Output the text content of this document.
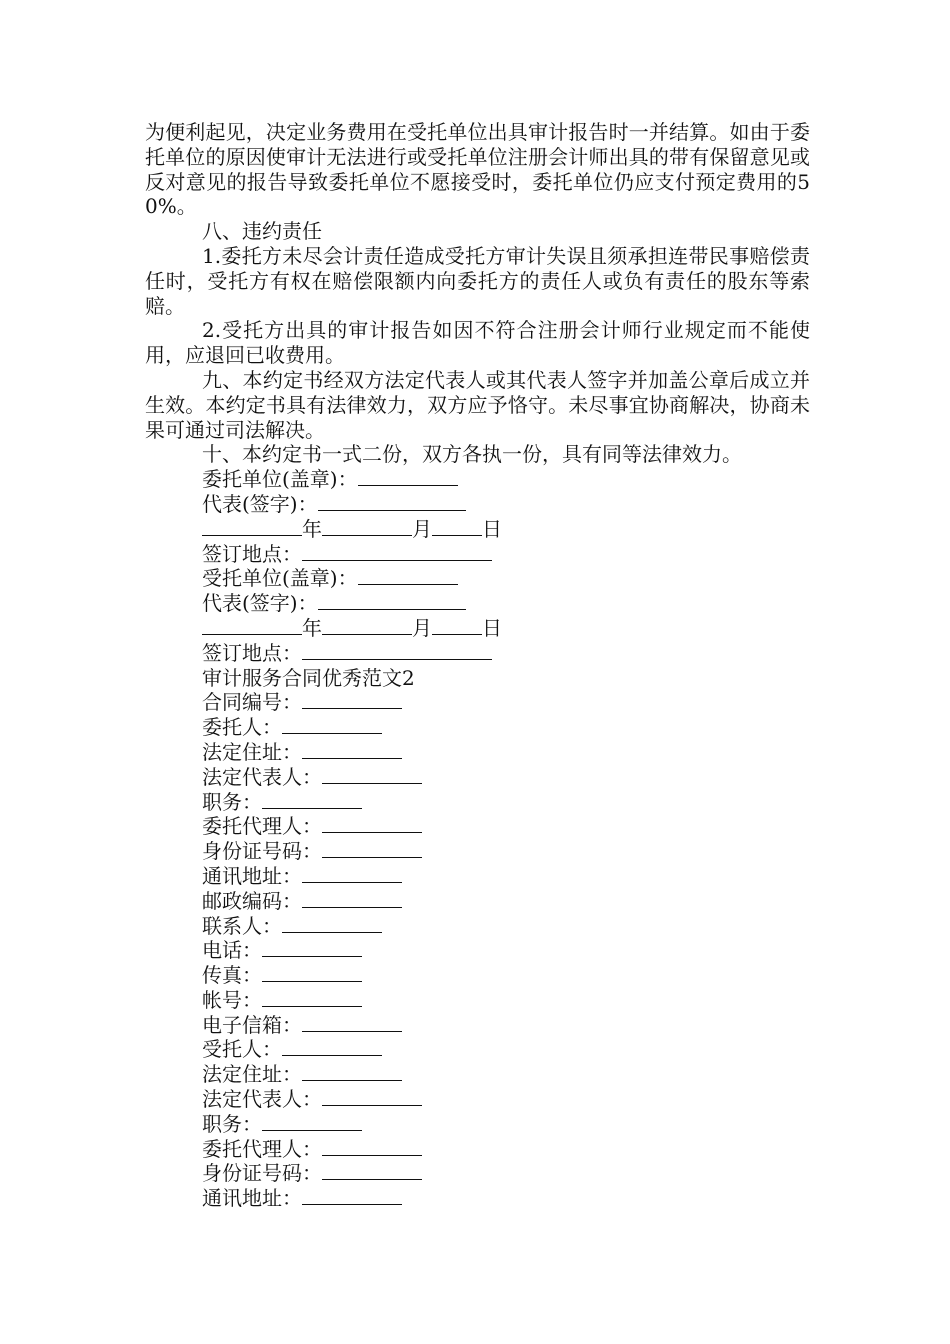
为便利起见，决定业务费用在受托单位出具审计报告时一并结算。如由于委托单位的原因使审计无法进行或受托单位注册会计师出具的带有保留意见或反对意见的报告导致委托单位不愿接受时，委托单位仍应支付预定费用的50%。

八、违约责任

1.委托方未尽会计责任造成受托方审计失误且须承担连带民事赔偿责任时，受托方有权在赔偿限额内向委托方的责任人或负有责任的股东等索赔。

2.受托方出具的审计报告如因不符合注册会计师行业规定而不能使用，应退回已收费用。

九、本约定书经双方法定代表人或其代表人签字并加盖公章后成立并生效。本约定书具有法律效力，双方应予恪守。未尽事宜协商解决，协商未果可通过司法解决。

十、本约定书一式二份，双方各执一份，具有同等法律效力。

委托单位(盖章)：

代表(签字)：

年	月	日

签订地点：

受托单位(盖章)：

代表(签字)：

年	月	日

签订地点：

审计服务合同优秀范文2

合同编号：

委托人：

法定住址：

法定代表人：

职务：

委托代理人：

身份证号码：

通讯地址：

邮政编码：

联系人：

电话：

传真：

帐号：

电子信箱：

受托人：

法定住址：

法定代表人：

职务：

委托代理人：

身份证号码：

通讯地址：
